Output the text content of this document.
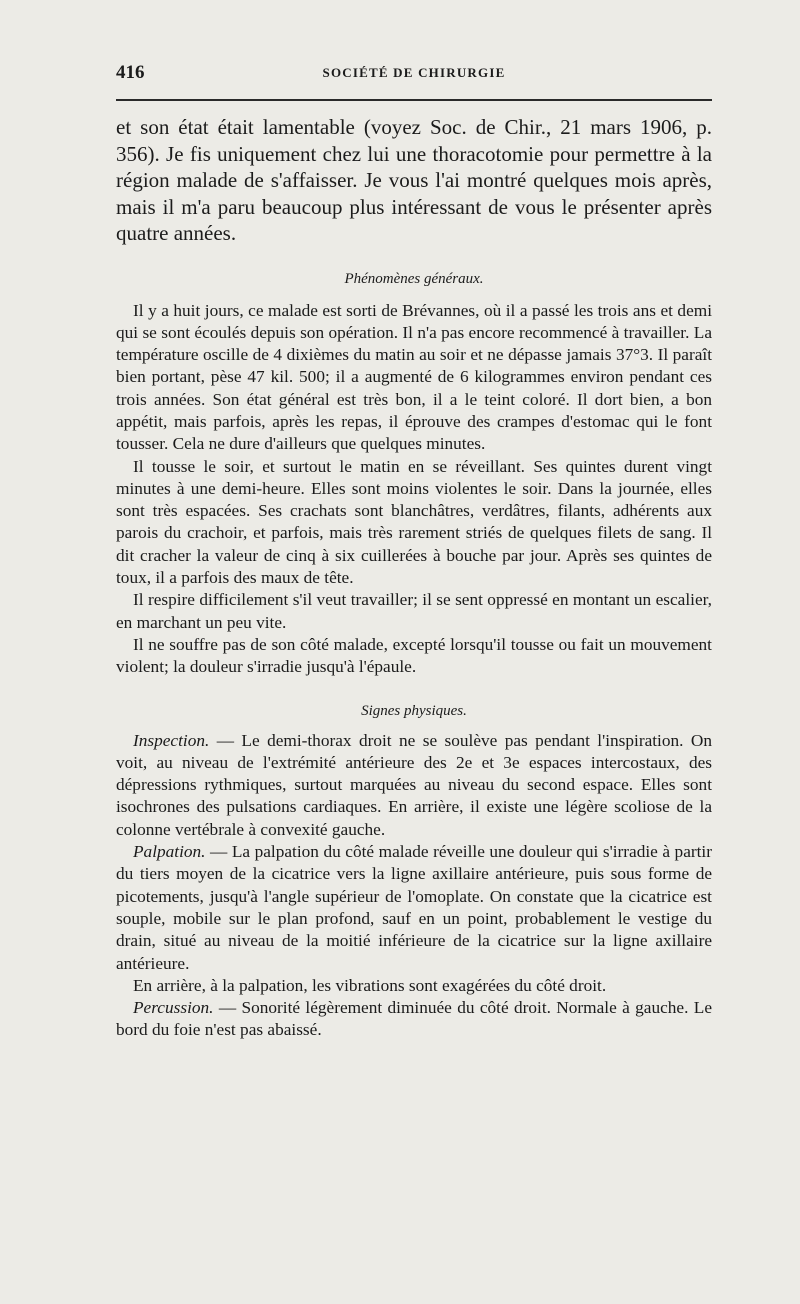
416	SOCIÉTÉ DE CHIRURGIE

et son état était lamentable (voyez Soc. de Chir., 21 mars 1906, p. 356). Je fis uniquement chez lui une thoracotomie pour permettre à la région malade de s'affaisser. Je vous l'ai montré quelques mois après, mais il m'a paru beaucoup plus intéressant de vous le présenter après quatre années.

Phénomènes généraux.

Il y a huit jours, ce malade est sorti de Brévannes, où il a passé les trois ans et demi qui se sont écoulés depuis son opération. Il n'a pas encore recommencé à travailler. La température oscille de 4 dixièmes du matin au soir et ne dépasse jamais 37°3. Il paraît bien portant, pèse 47 kil. 500; il a augmenté de 6 kilogrammes environ pendant ces trois années. Son état général est très bon, il a le teint coloré. Il dort bien, a bon appétit, mais parfois, après les repas, il éprouve des crampes d'estomac qui le font tousser. Cela ne dure d'ailleurs que quelques minutes.

Il tousse le soir, et surtout le matin en se réveillant. Ses quintes durent vingt minutes à une demi-heure. Elles sont moins violentes le soir. Dans la journée, elles sont très espacées. Ses crachats sont blanchâtres, verdâtres, filants, adhérents aux parois du crachoir, et parfois, mais très rarement striés de quelques filets de sang. Il dit cracher la valeur de cinq à six cuillerées à bouche par jour. Après ses quintes de toux, il a parfois des maux de tête.

Il respire difficilement s'il veut travailler; il se sent oppressé en montant un escalier, en marchant un peu vite.

Il ne souffre pas de son côté malade, excepté lorsqu'il tousse ou fait un mouvement violent; la douleur s'irradie jusqu'à l'épaule.

Signes physiques.

Inspection. — Le demi-thorax droit ne se soulève pas pendant l'inspiration. On voit, au niveau de l'extrémité antérieure des 2e et 3e espaces intercostaux, des dépressions rythmiques, surtout marquées au niveau du second espace. Elles sont isochrones des pulsations cardiaques. En arrière, il existe une légère scoliose de la colonne vertébrale à convexité gauche.

Palpation. — La palpation du côté malade réveille une douleur qui s'irradie à partir du tiers moyen de la cicatrice vers la ligne axillaire antérieure, puis sous forme de picotements, jusqu'à l'angle supérieur de l'omoplate. On constate que la cicatrice est souple, mobile sur le plan profond, sauf en un point, probablement le vestige du drain, situé au niveau de la moitié inférieure de la cicatrice sur la ligne axillaire antérieure.

En arrière, à la palpation, les vibrations sont exagérées du côté droit.

Percussion. — Sonorité légèrement diminuée du côté droit. Normale à gauche. Le bord du foie n'est pas abaissé.
